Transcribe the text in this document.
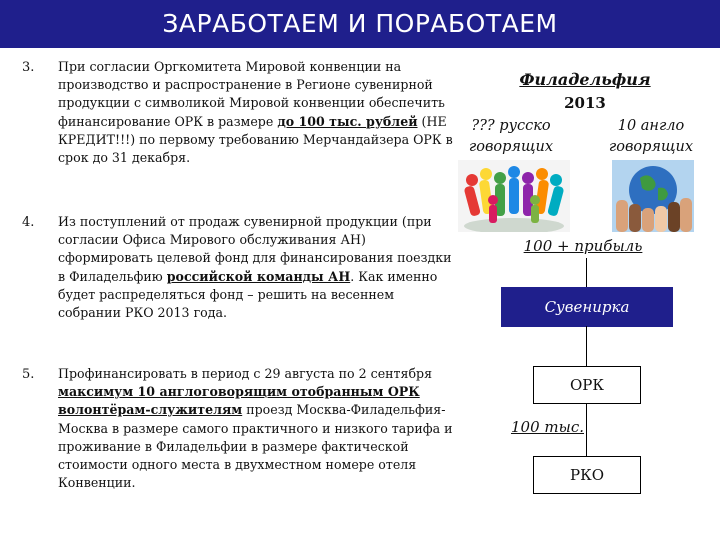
ЗАРАБОТАЕМ И ПОРАБОТАЕМ
3. При согласии Оргкомитета Мировой конвенции на производство и распространение в Регионе сувенирной продукции с символикой Мировой конвенции обеспечить финансирование ОРК в размере до 100 тыс. рублей (НЕ КРЕДИТ!!!) по первому требованию Мерчандайзера ОРК в срок до 31 декабря.
4. Из поступлений от продаж сувенирной продукции (при согласии Офиса Мирового обслуживания АН) сформировать целевой фонд для финансирования поездки в Филадельфию российской команды АН. Как именно будет распределяться фонд – решить на весеннем собрании РКО 2013 года.
5. Профинансировать в период с 29 августа по 2 сентября максимум 10 англоговорящим отобранным ОРК волонтёрам-служителям проезд Москва-Филадельфия-Москва в размере самого практичного и низкого тарифа и проживание в Филадельфии в размере фактической стоимости одного места в двухместном номере отеля Конвенции.
Филадельфия
2013
??? русско
говорящих
10 англо
говорящих
100 + прибыль
Сувенирка
ОРК
100 тыс.
РКО
